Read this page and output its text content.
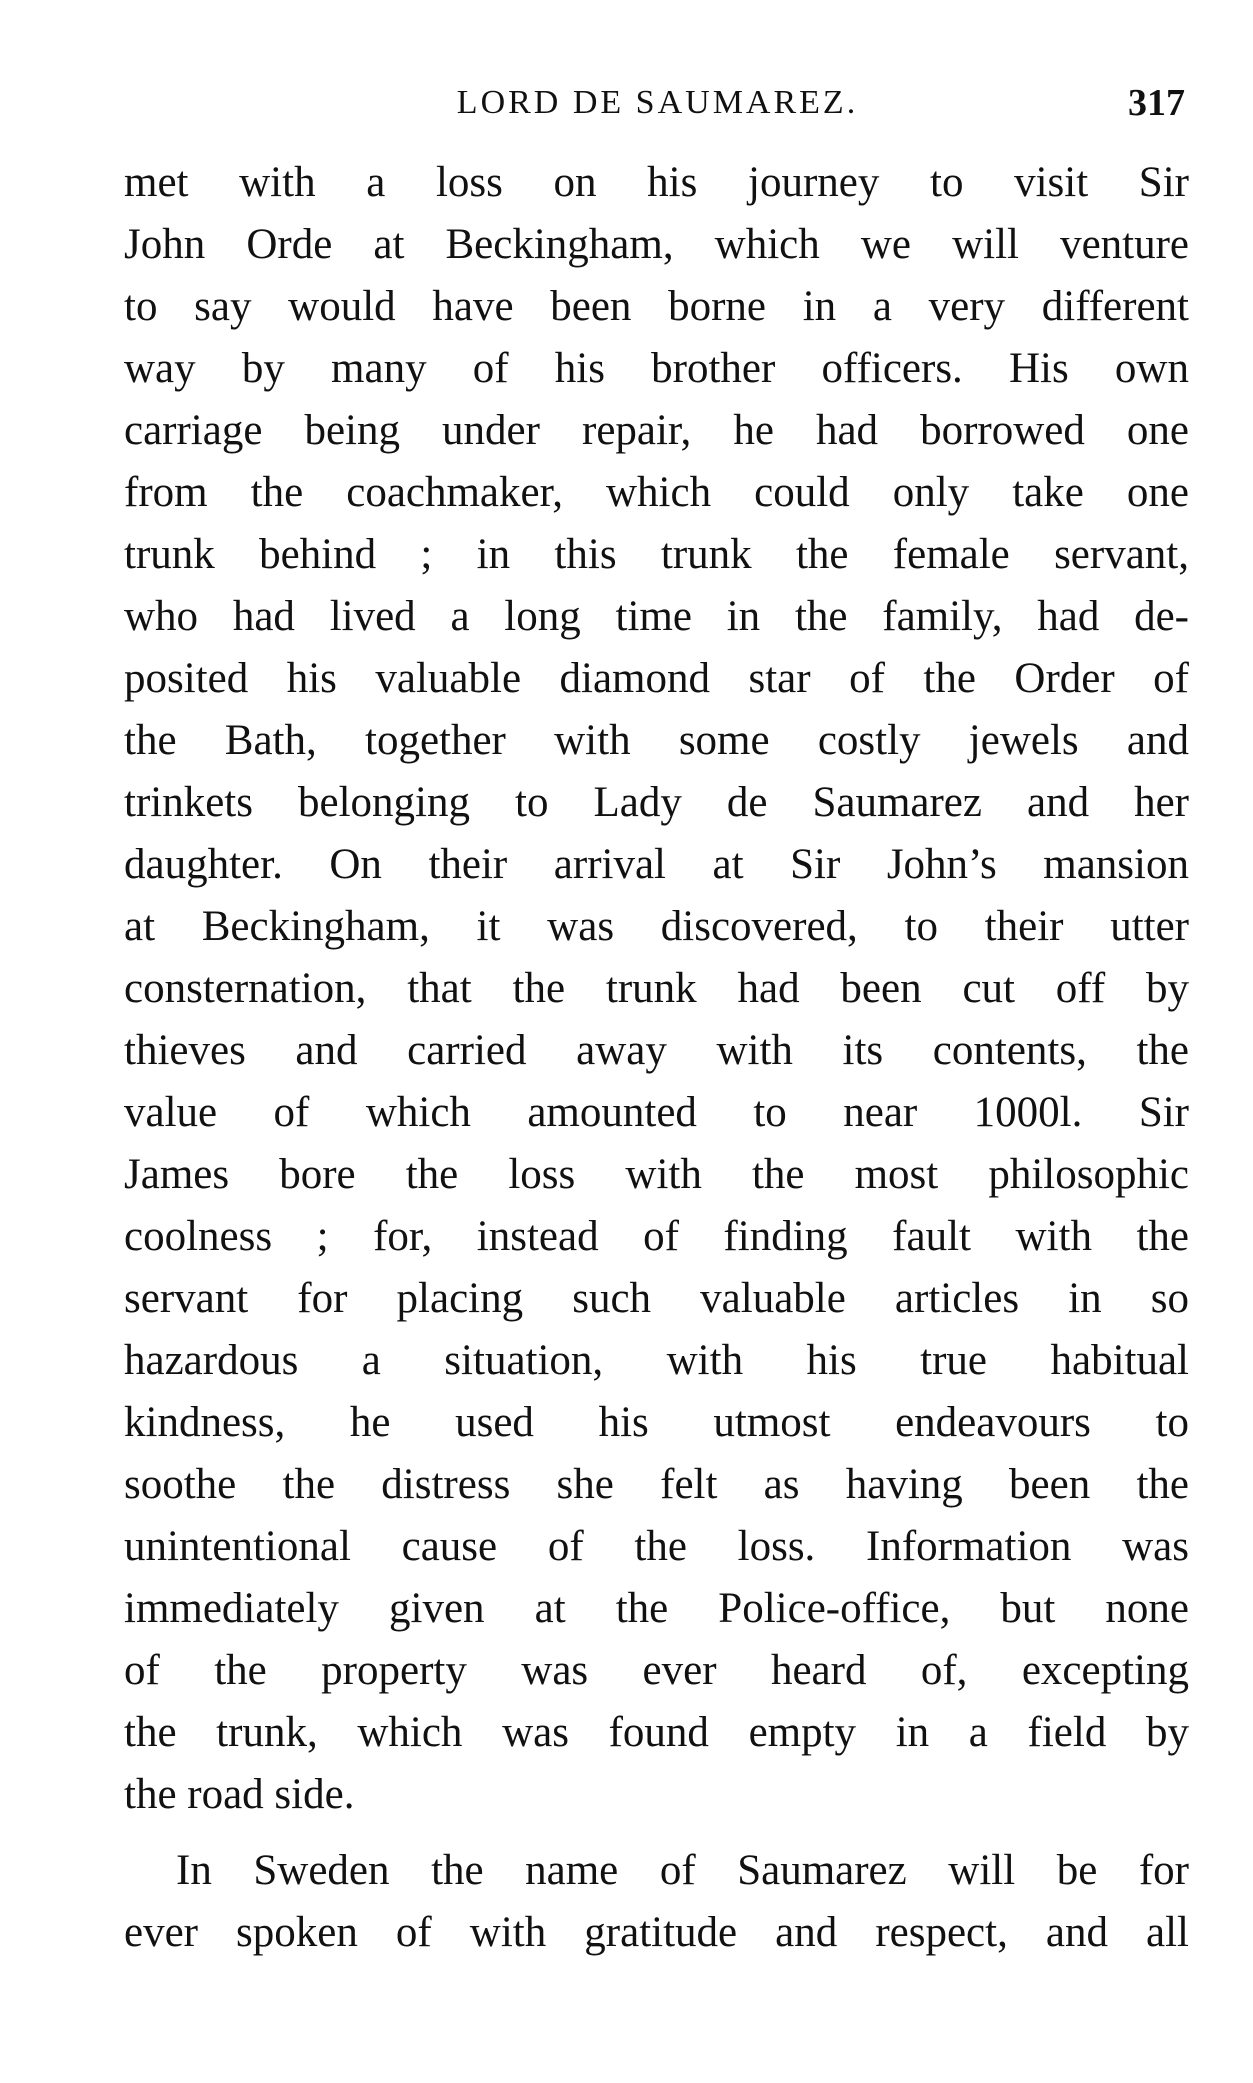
LORD DE SAUMAREZ.	317
met with a loss on his journey to visit Sir
John Orde at Beckingham, which we will venture
to say would have been borne in a very different
way by many of his brother officers. His own
carriage being under repair, he had borrowed one
from the coachmaker, which could only take one
trunk behind ; in this trunk the female servant,
who had lived a long time in the family, had de-
posited his valuable diamond star of the Order of
the Bath, together with some costly jewels and
trinkets belonging to Lady de Saumarez and her
daughter. On their arrival at Sir John’s mansion
at Beckingham, it was discovered, to their utter
consternation, that the trunk had been cut off by
thieves and carried away with its contents, the
value of which amounted to near 1000l. Sir
James bore the loss with the most philosophic
coolness ; for, instead of finding fault with the
servant for placing such valuable articles in so
hazardous a situation, with his true habitual
kindness, he used his utmost endeavours to
soothe the distress she felt as having been the
unintentional cause of the loss. Information was
immediately given at the Police-office, but none
of the property was ever heard of, excepting
the trunk, which was found empty in a field by
the road side.
In Sweden the name of Saumarez will be for
ever spoken of with gratitude and respect, and all
